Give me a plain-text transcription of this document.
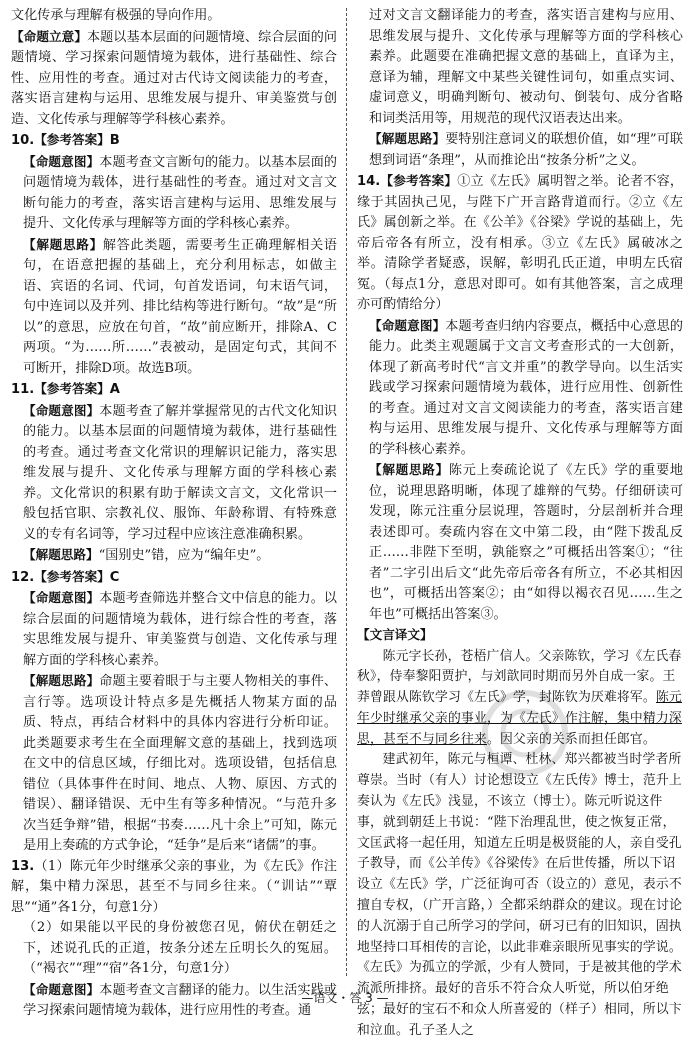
文化传承与理解有极强的导向作用。

【命题立意】本题以基本层面的问题情境、综合层面的问题情境、学习探索问题情境为载体，进行基础性、综合性、应用性的考查。通过对古代诗文阅读能力的考查，落实语言建构与运用、思维发展与提升、审美鉴赏与创造、文化传承与理解等学科核心素养。

10.【参考答案】B

【命题意图】本题考查文言断句的能力。以基本层面的问题情境为载体，进行基础性的考查。通过对文言文断句能力的考查，落实语言建构与运用、思维发展与提升、文化传承与理解等方面的学科核心素养。

【解题思路】解答此类题，需要考生正确理解相关语句，在语意把握的基础上，充分利用标志，如做主语、宾语的名词、代词，句首发语词，句末语气词，句中连词以及并列、排比结构等进行断句。“故”是“所以”的意思，应放在句首，“故”前应断开，排除A、C两项。“为……所……”表被动，是固定句式，其间不可断开，排除D项。故选B项。

11.【参考答案】A

【命题意图】本题考查了解并掌握常见的古代文化知识的能力。以基本层面的问题情境为载体，进行基础性的考查。通过考查文化常识的理解识记能力，落实思维发展与提升、文化传承与理解方面的学科核心素养。文化常识的积累有助于解读文言文，文化常识一般包括官职、宗教礼仪、服饰、年龄称谓、有特殊意义的专有名词等，学习过程中应该注意准确积累。

【解题思路】“国别史”错，应为“编年史”。

12.【参考答案】C

【命题意图】本题考查筛选并整合文中信息的能力。以综合层面的问题情境为载体，进行综合性的考查，落实思维发展与提升、审美鉴赏与创造、文化传承与理解方面的学科核心素养。

【解题思路】命题主要着眼于与主要人物相关的事件、言行等。选项设计特点多是先概括人物某方面的品质、特点，再结合材料中的具体内容进行分析印证。此类题要求考生在全面理解文意的基础上，找到选项在文中的信息区域，仔细比对。选项设错，包括信息错位（具体事件在时间、地点、人物、原因、方式的错误）、翻译错误、无中生有等多种情况。“与范升多次当廷争辩”错，根据“书奏……凡十余上”可知，陈元是用上奏疏的方式争论，“廷争”是后来“诸儒”的事。

13.（1）陈元年少时继承父亲的事业，为《左氏》作注解，集中精力深思，甚至不与同乡往来。（“训诂”“覃思”“通”各1分，句意1分）

（2）如果能以平民的身份被您召见，俯伏在朝廷之下，述说孔氏的正道，按条分述左丘明长久的冤屈。（“褐衣”“理”“宿”各1分，句意1分）

【命题意图】本题考查文言翻译的能力。以生活实践或学习探索问题情境为载体，进行应用性的考查。通

过对文言文翻译能力的考查，落实语言建构与应用、思维发展与提升、文化传承与理解等方面的学科核心素养。此题要在准确把握文意的基础上，直译为主，意译为辅，理解文中某些关键性词句，如重点实词、虚词意义，明确判断句、被动句、倒装句、成分省略和词类活用等，用规范的现代汉语表达出来。

【解题思路】要特别注意词义的联想价值，如“理”可联想到词语“条理”，从而推论出“按条分析”之义。

14.【参考答案】①立《左氏》属明智之举。论者不容，缘于其固执己见，与陛下广开言路背道而行。②立《左氏》属创新之举。在《公羊》《谷梁》学说的基础上，先帝后帝各有所立，没有相承。③立《左氏》属破冰之举。清除学者疑惑，误解，彰明孔氏正道，申明左氏宿冤。（每点1分，意思对即可。如有其他答案，言之成理亦可酌情给分）

【命题意图】本题考查归纳内容要点，概括中心意思的能力。此类主观题属于文言文考查形式的一大创新，体现了新高考时代“言文并重”的教学导向。以生活实践或学习探索问题情境为载体，进行应用性、创新性的考查。通过对文言文阅读能力的考查，落实语言建构与运用、思维发展与提升、文化传承与理解等方面的学科核心素养。

【解题思路】陈元上奏疏论说了《左氏》学的重要地位，说理思路明晰，体现了雄辩的气势。仔细研读可发现，陈元注重分层说理，答题时，分层剖析并合理表述即可。奏疏内容在文中第二段，由“陛下拨乱反正……非陛下至明，孰能察之”可概括出答案①；“往者”二字引出后文“此先帝后帝各有所立，不必其相因也”，可概括出答案②；由“如得以褐衣召见……生之年也”可概括出答案③。

【文言译文】

陈元字长孙，苍梧广信人。父亲陈钦，学习《左氏春秋》，侍奉黎阳贾护，与刘歆同时期而另外自成一家。王莽曾跟从陈钦学习《左氏》学，封陈钦为厌难将军。陈元年少时继承父亲的事业，为《左氏》作注解，集中精力深思，甚至不与同乡往来。因父亲的关系而担任郎官。
建武初年，陈元与桓谭、杜林、郑兴都被当时学者所尊崇。当时（有人）讨论想设立《左氏传》博士，范升上奏认为《左氏》浅显，不该立（博士）。陈元听说这件事，就到朝廷上书说：“陛下治理乱世，使之恢复正常，文匡武将一起任用，知道左丘明是极贤能的人，亲自受孔子教导，而《公羊传》《谷梁传》在后世传播，所以下诏设立《左氏》学，广泛征询可否（设立的）意见，表示不擅自专权，（广开言路，）全都采纳群众的建议。现在讨论的人沉溺于自己所学习的学问，研习已有的旧知识，固执地坚持口耳相传的言论，以此非难亲眼所见事实的学说。《左氏》为孤立的学派，少有人赞同，于是被其他的学术流派所排挤。最好的音乐不符合众人听觉，所以伯牙绝弦；最好的宝石不和众人所喜爱的（样子）相同，所以卞和泣血。孔子圣人之
—语文・答 3 —
